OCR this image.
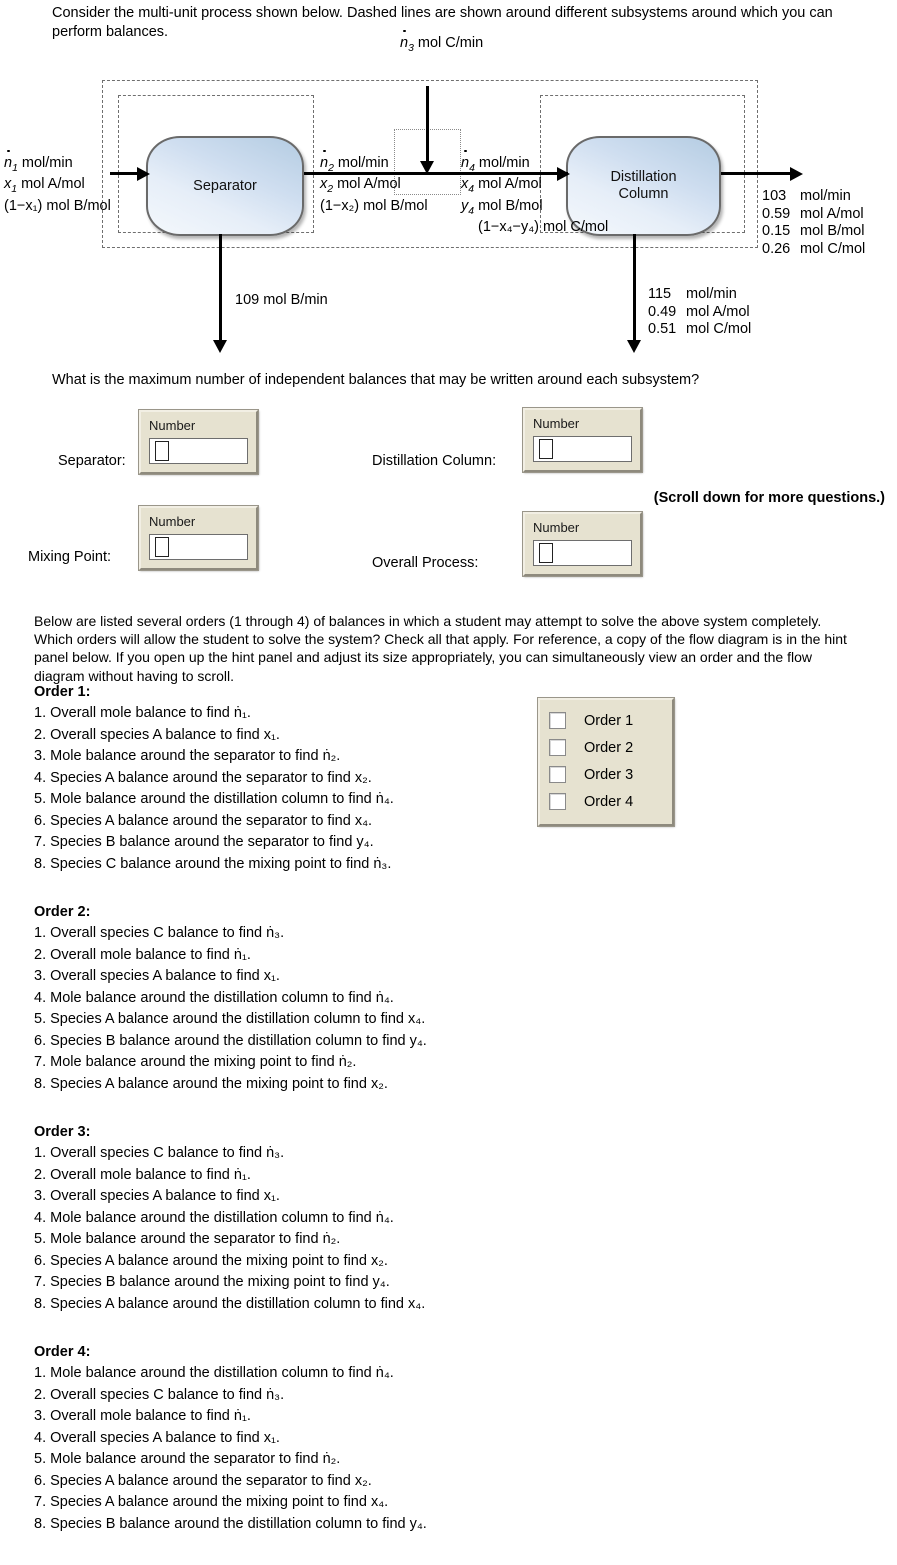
Consider the multi-unit process shown below. Dashed lines are shown around different subsystems around which you can perform balances.
Separator
Distillation
Column
$n_1$ mol/min
$x_1$ mol A/mol
(1−x₁) mol B/mol
$n_3$ mol C/min
$n_2$ mol/min
$x_2$ mol A/mol
(1−x₂) mol B/mol
$n_4$ mol/min
$x_4$ mol A/mol
$y_4$ mol B/mol
(1−x₄−y₄) mol C/mol
109 mol B/min	115 mol/min
0.49 mol A/mol
0.51 mol C/mol
103 mol/min
0.59 mol A/mol
0.15 mol B/mol
0.26 mol C/mol
What is the maximum number of independent balances that may be written around each subsystem?
Separator:
Number
Distillation Column:
Number
Mixing Point:
Number
Overall Process:
Number
(Scroll down for more questions.)
Below are listed several orders (1 through 4) of balances in which a student may attempt to solve the above system completely. Which orders will allow the student to solve the system? Check all that apply. For reference, a copy of the flow diagram is in the hint panel below. If you open up the hint panel and adjust its size appropriately, you can simultaneously view an order and the flow diagram without having to scroll.
Order 1:
1. Overall mole balance to find ṅ₁.
2. Overall species A balance to find x₁.
3. Mole balance around the separator to find ṅ₂.
4. Species A balance around the separator to find x₂.
5. Mole balance around the distillation column to find ṅ₄.
6. Species A balance around the separator to find x₄.
7. Species B balance around the separator to find y₄.
8. Species C balance around the mixing point to find ṅ₃.
Order 2:
1. Overall species C balance to find ṅ₃.
2. Overall mole balance to find ṅ₁.
3. Overall species A balance to find x₁.
4. Mole balance around the distillation column to find ṅ₄.
5. Species A balance around the distillation column to find x₄.
6. Species B balance around the distillation column to find y₄.
7. Mole balance around the mixing point to find ṅ₂.
8. Species A balance around the mixing point to find x₂.
Order 3:
1. Overall species C balance to find ṅ₃.
2. Overall mole balance to find ṅ₁.
3. Overall species A balance to find x₁.
4. Mole balance around the distillation column to find ṅ₄.
5. Mole balance around the separator to find ṅ₂.
6. Species A balance around the mixing point to find x₂.
7. Species B balance around the mixing point to find y₄.
8. Species A balance around the distillation column to find x₄.
Order 4:
1. Mole balance around the distillation column to find ṅ₄.
2. Overall species C balance to find ṅ₃.
3. Overall mole balance to find ṅ₁.
4. Overall species A balance to find x₁.
5. Mole balance around the separator to find ṅ₂.
6. Species A balance around the separator to find x₂.
7. Species A balance around the mixing point to find x₄.
8. Species B balance around the distillation column to find y₄.
Order 1
Order 2
Order 3
Order 4
